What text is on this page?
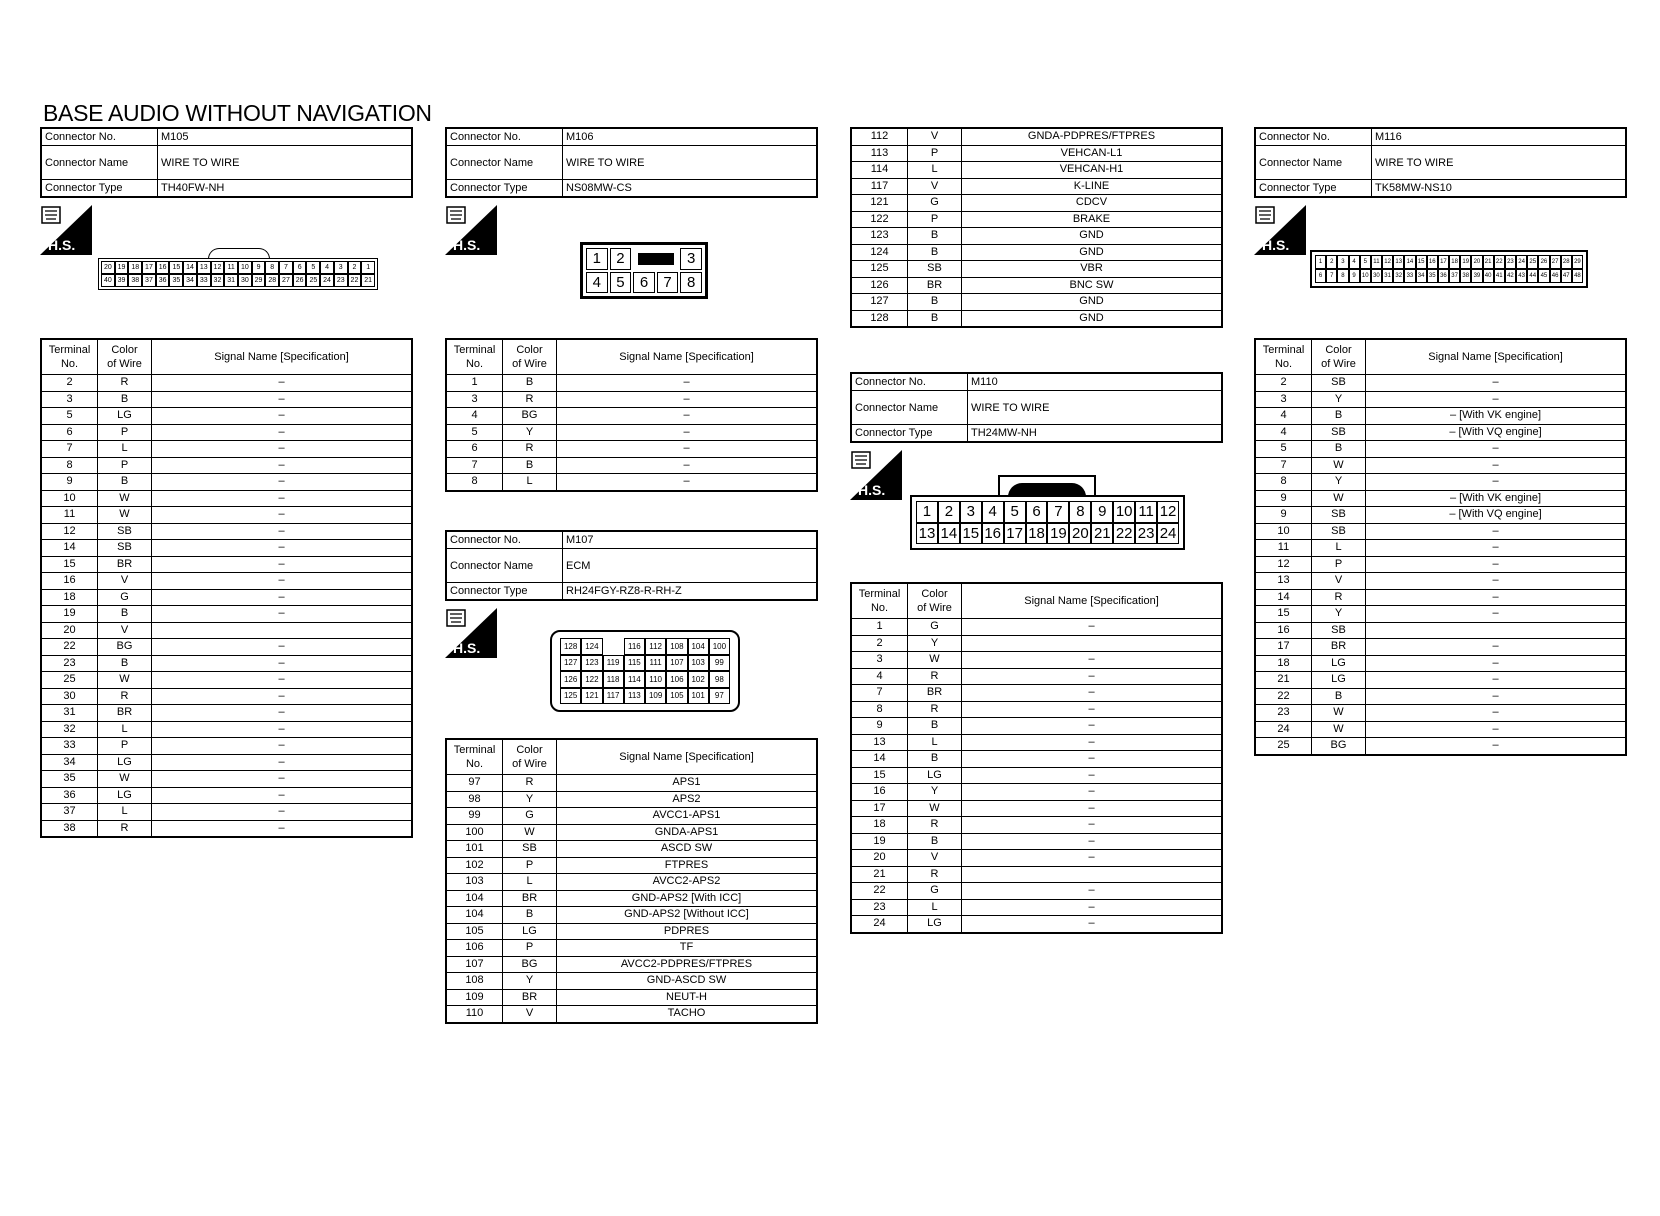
BASE AUDIO WITHOUT NAVIGATION
Connector No.	M105
Connector Name	WIRE TO WIRE
Connector Type	TH40FW-NH
H.S.
20 19 18 17 16 15 14 13 12 11 10	9	8	7	6	5	4	3	2	1
40 39 38 37 36 35 34 33 32 31 30 29 28 27 26 25 24 23 22 21
Terminal
No.	Color
of Wire	Signal Name [Specification]
2	R	–
3	B	–
5	LG	–
6	P	–
7	L	–
8	P	–
9	B	–
10	W	–
11	W	–
12	SB	–
14	SB	–
15	BR	–
16	V	–
18	G	–
19	B	–
20	V	
22	BG	–
23	B	–
25	W	–
30	R	–
31	BR	–
32	L	–
33	P	–
34	LG	–
35	W	–
36	LG	–
37	L	–
38	R	–
Connector No.	M106
Connector Name	WIRE TO WIRE
Connector Type	NS08MW-CS
H.S.
1	2	3
4	5	6	7	8
Terminal
No.	Color
of Wire	Signal Name [Specification]
1	B	–
3	R	–
4	BG	–
5	Y	–
6	R	–
7	B	–
8	L	–
Connector No.	M107
Connector Name	ECM
Connector Type	RH24FGY-RZ8-R-RH-Z
H.S.	128 124	116	112	108 104 100
127 123	119	115	111	107 103	99
126 122	118	114	110	106 102	98
125 121	117	113	109 105 101	97
Terminal
No.	Color
of Wire	Signal Name [Specification]
97	R	APS1
98	Y	APS2
99	G	AVCC1-APS1
100	W	GNDA-APS1
101	SB	ASCD SW
102	P	FTPRES
103	L	AVCC2-APS2
104	BR	GND-APS2 [With ICC]
104	B	GND-APS2 [Without ICC]
105	LG	PDPRES
106	P	TF
107	BG	AVCC2-PDPRES/FTPRES
108	Y	GND-ASCD SW
109	BR	NEUT-H
110	V	TACHO
112	V	GNDA-PDPRES/FTPRES
113	P	VEHCAN-L1
114	L	VEHCAN-H1
117	V	K-LINE
121	G	CDCV
122	P	BRAKE
123	B	GND
124	B	GND
125	SB	VBR
126	BR	BNC SW
127	B	GND
128	B	GND
Connector No.	M110
Connector Name	WIRE TO WIRE
Connector Type	TH24MW-NH
H.S.
1 2 3 4 5 6 7 8 9 10 11 12
13 14 15 16 17 18 19 20 21 22 23 24
Terminal
No.	Color
of Wire	Signal Name [Specification]
1	G	–
2	Y	
3	W	–
4	R	–
7	BR	–
8	R	–
9	B	–
13	L	–
14	B	–
15	LG	–
16	Y	–
17	W	–
18	R	–
19	B	–
20	V	–
21	R	
22	G	–
23	L	–
24	LG	–
Connector No.	M116
Connector Name	WIRE TO WIRE
Connector Type	TK58MW-NS10
H.S.
1	2	3	4	5	11 12 13 14 15 16 17 18 19 20 21 22 23 24 25 26 27 28 29
6	7	8	9	10 30 31 32 33 34 35 36 37 38 39 40 41 42 43 44 45 46 47 48
Terminal
No.	Color
of Wire	Signal Name [Specification]
2	SB	–
3	Y	–
4	B	– [With VK engine]
4	SB	– [With VQ engine]
5	B	–
7	W	–
8	Y	–
9	W	– [With VK engine]
9	SB	– [With VQ engine]
10	SB	–
11	L	–
12	P	–
13	V	–
14	R	–
15	Y	–
16	SB	
17	BR	–
18	LG	–
21	LG	–
22	B	–
23	W	–
24	W	–
25	BG	–
